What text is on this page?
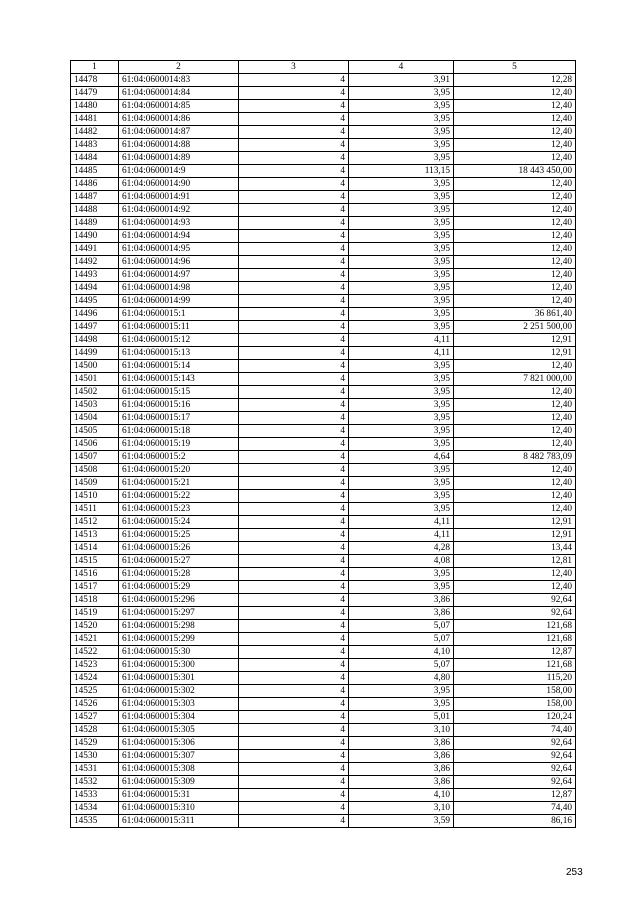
1	2	3	4	5
14478	61:04:0600014:83	4	3,91	12,28
14479	61:04:0600014:84	4	3,95	12,40
14480	61:04:0600014:85	4	3,95	12,40
14481	61:04:0600014:86	4	3,95	12,40
14482	61:04:0600014:87	4	3,95	12,40
14483	61:04:0600014:88	4	3,95	12,40
14484	61:04:0600014:89	4	3,95	12,40
14485	61:04:0600014:9	4	113,15	18 443 450,00
14486	61:04:0600014:90	4	3,95	12,40
14487	61:04:0600014:91	4	3,95	12,40
14488	61:04:0600014:92	4	3,95	12,40
14489	61:04:0600014:93	4	3,95	12,40
14490	61:04:0600014:94	4	3,95	12,40
14491	61:04:0600014:95	4	3,95	12,40
14492	61:04:0600014:96	4	3,95	12,40
14493	61:04:0600014:97	4	3,95	12,40
14494	61:04:0600014:98	4	3,95	12,40
14495	61:04:0600014:99	4	3,95	12,40
14496	61:04:0600015:1	4	3,95	36 861,40
14497	61:04:0600015:11	4	3,95	2 251 500,00
14498	61:04:0600015:12	4	4,11	12,91
14499	61:04:0600015:13	4	4,11	12,91
14500	61:04:0600015:14	4	3,95	12,40
14501	61:04:0600015:143	4	3,95	7 821 000,00
14502	61:04:0600015:15	4	3,95	12,40
14503	61:04:0600015:16	4	3,95	12,40
14504	61:04:0600015:17	4	3,95	12,40
14505	61:04:0600015:18	4	3,95	12,40
14506	61:04:0600015:19	4	3,95	12,40
14507	61:04:0600015:2	4	4,64	8 482 783,09
14508	61:04:0600015:20	4	3,95	12,40
14509	61:04:0600015:21	4	3,95	12,40
14510	61:04:0600015:22	4	3,95	12,40
14511	61:04:0600015:23	4	3,95	12,40
14512	61:04:0600015:24	4	4,11	12,91
14513	61:04:0600015:25	4	4,11	12,91
14514	61:04:0600015:26	4	4,28	13,44
14515	61:04:0600015:27	4	4,08	12,81
14516	61:04:0600015:28	4	3,95	12,40
14517	61:04:0600015:29	4	3,95	12,40
14518	61:04:0600015:296	4	3,86	92,64
14519	61:04:0600015:297	4	3,86	92,64
14520	61:04:0600015:298	4	5,07	121,68
14521	61:04:0600015:299	4	5,07	121,68
14522	61:04:0600015:30	4	4,10	12,87
14523	61:04:0600015:300	4	5,07	121,68
14524	61:04:0600015:301	4	4,80	115,20
14525	61:04:0600015:302	4	3,95	158,00
14526	61:04:0600015:303	4	3,95	158,00
14527	61:04:0600015:304	4	5,01	120,24
14528	61:04:0600015:305	4	3,10	74,40
14529	61:04:0600015:306	4	3,86	92,64
14530	61:04:0600015:307	4	3,86	92,64
14531	61:04:0600015:308	4	3,86	92,64
14532	61:04:0600015:309	4	3,86	92,64
14533	61:04:0600015:31	4	4,10	12,87
14534	61:04:0600015:310	4	3,10	74,40
14535	61:04:0600015:311	4	3,59	86,16
253
